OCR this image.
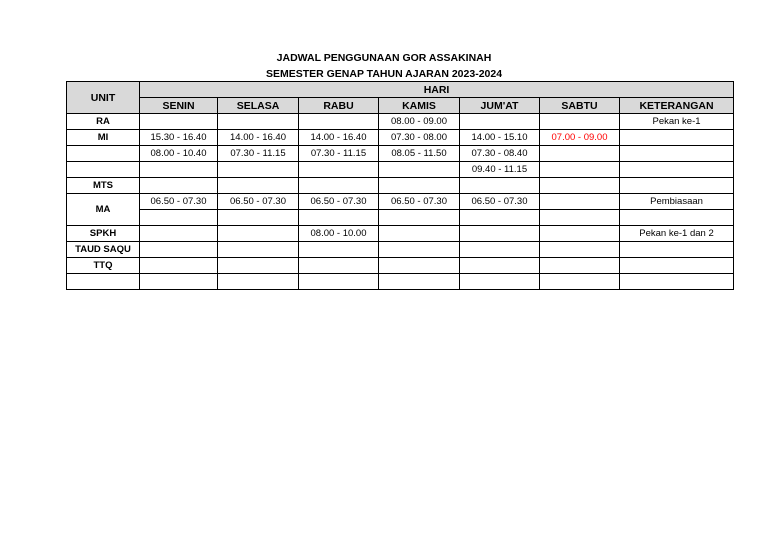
JADWAL PENGGUNAAN GOR ASSAKINAH
SEMESTER GENAP TAHUN AJARAN 2023-2024
UNIT	HARI						
	SENIN	SELASA	RABU	KAMIS	JUM'AT	SABTU	KETERANGAN
RA				08.00 - 09.00			Pekan ke-1
MI	15.30 - 16.40	14.00 - 16.40	14.00 - 16.40	07.30 - 08.00	14.00 - 15.10	07.00 - 09.00	
	08.00 - 10.40	07.30 - 11.15	07.30 - 11.15	08.05 - 11.50	07.30 - 08.40		
					09.40 - 11.15		
MTS							
MA	06.50 - 07.30	06.50 - 07.30	06.50 - 07.30	06.50 - 07.30	06.50 - 07.30		Pembiasaan

SPKH			08.00 - 10.00				Pekan ke-1 dan 2
TAUD SAQU							
TTQ							
